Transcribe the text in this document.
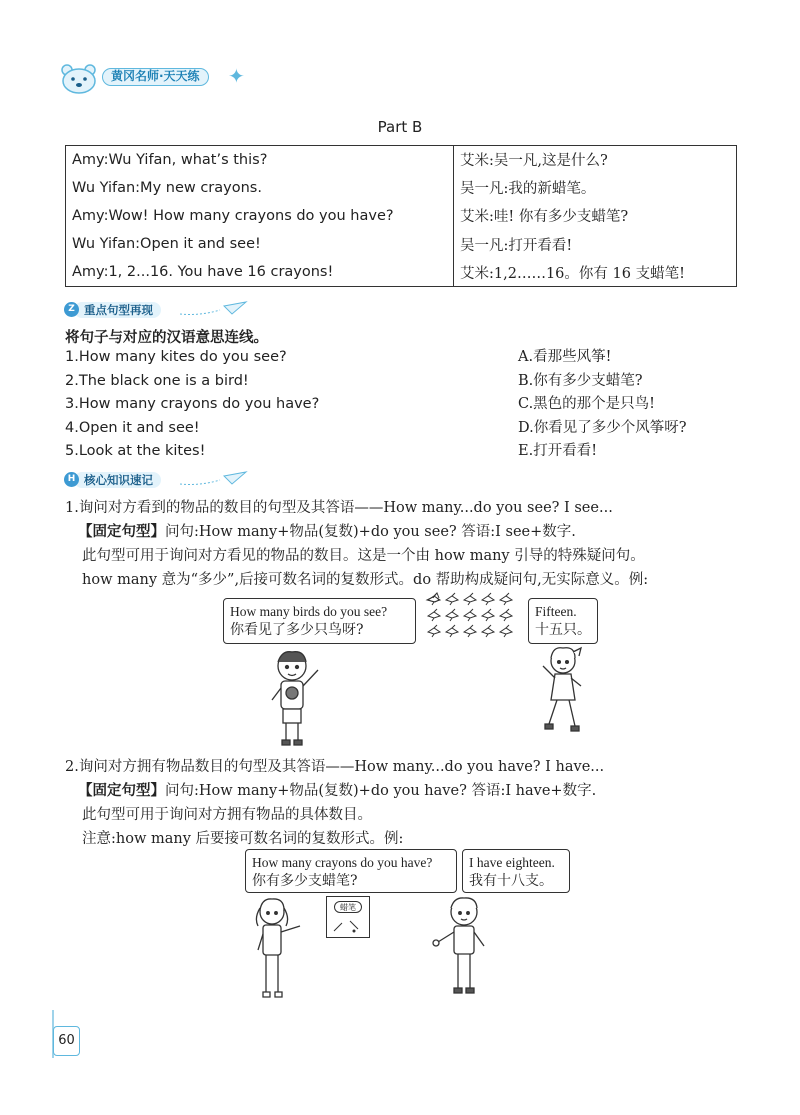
黄冈名师·天天练	✦
Part B
Amy:Wu Yifan, what’s this?	艾米:吴一凡,这是什么?
Wu Yifan:My new crayons.	吴一凡:我的新蜡笔。
Amy:Wow! How many crayons do you have?	艾米:哇! 你有多少支蜡笔?
Wu Yifan:Open it and see!	吴一凡:打开看看!
Amy:1, 2...16. You have 16 crayons!	艾米:1,2……16。你有 16 支蜡笔!
Z 重点句型再现
将句子与对应的汉语意思连线。
1.How many kites do you see?
2.The black one is a bird!
3.How many crayons do you have?
4.Open it and see!
5.Look at the kites!
A.看那些风筝!
B.你有多少支蜡笔?
C.黑色的那个是只鸟!
D.你看见了多少个风筝呀?
E.打开看看!
H 核心知识速记
1.询问对方看到的物品的数目的句型及其答语——How many...do you see? I see...
【固定句型】问句:How many+物品(复数)+do you see? 答语:I see+数字.
此句型可用于询问对方看见的物品的数目。这是一个由 how many 引导的特殊疑问句。
how many 意为“多少”,后接可数名词的复数形式。do 帮助构成疑问句,无实际意义。例:
How many birds do you see?
你看见了多少只鸟呀?
Fifteen.
十五只。
2.询问对方拥有物品数目的句型及其答语——How many...do you have? I have...
【固定句型】问句:How many+物品(复数)+do you have? 答语:I have+数字.
此句型可用于询问对方拥有物品的具体数目。
注意:how many 后要接可数名词的复数形式。例:
How many crayons do you have?
你有多少支蜡笔?
I have eighteen.
我有十八支。
蜡笔
60
